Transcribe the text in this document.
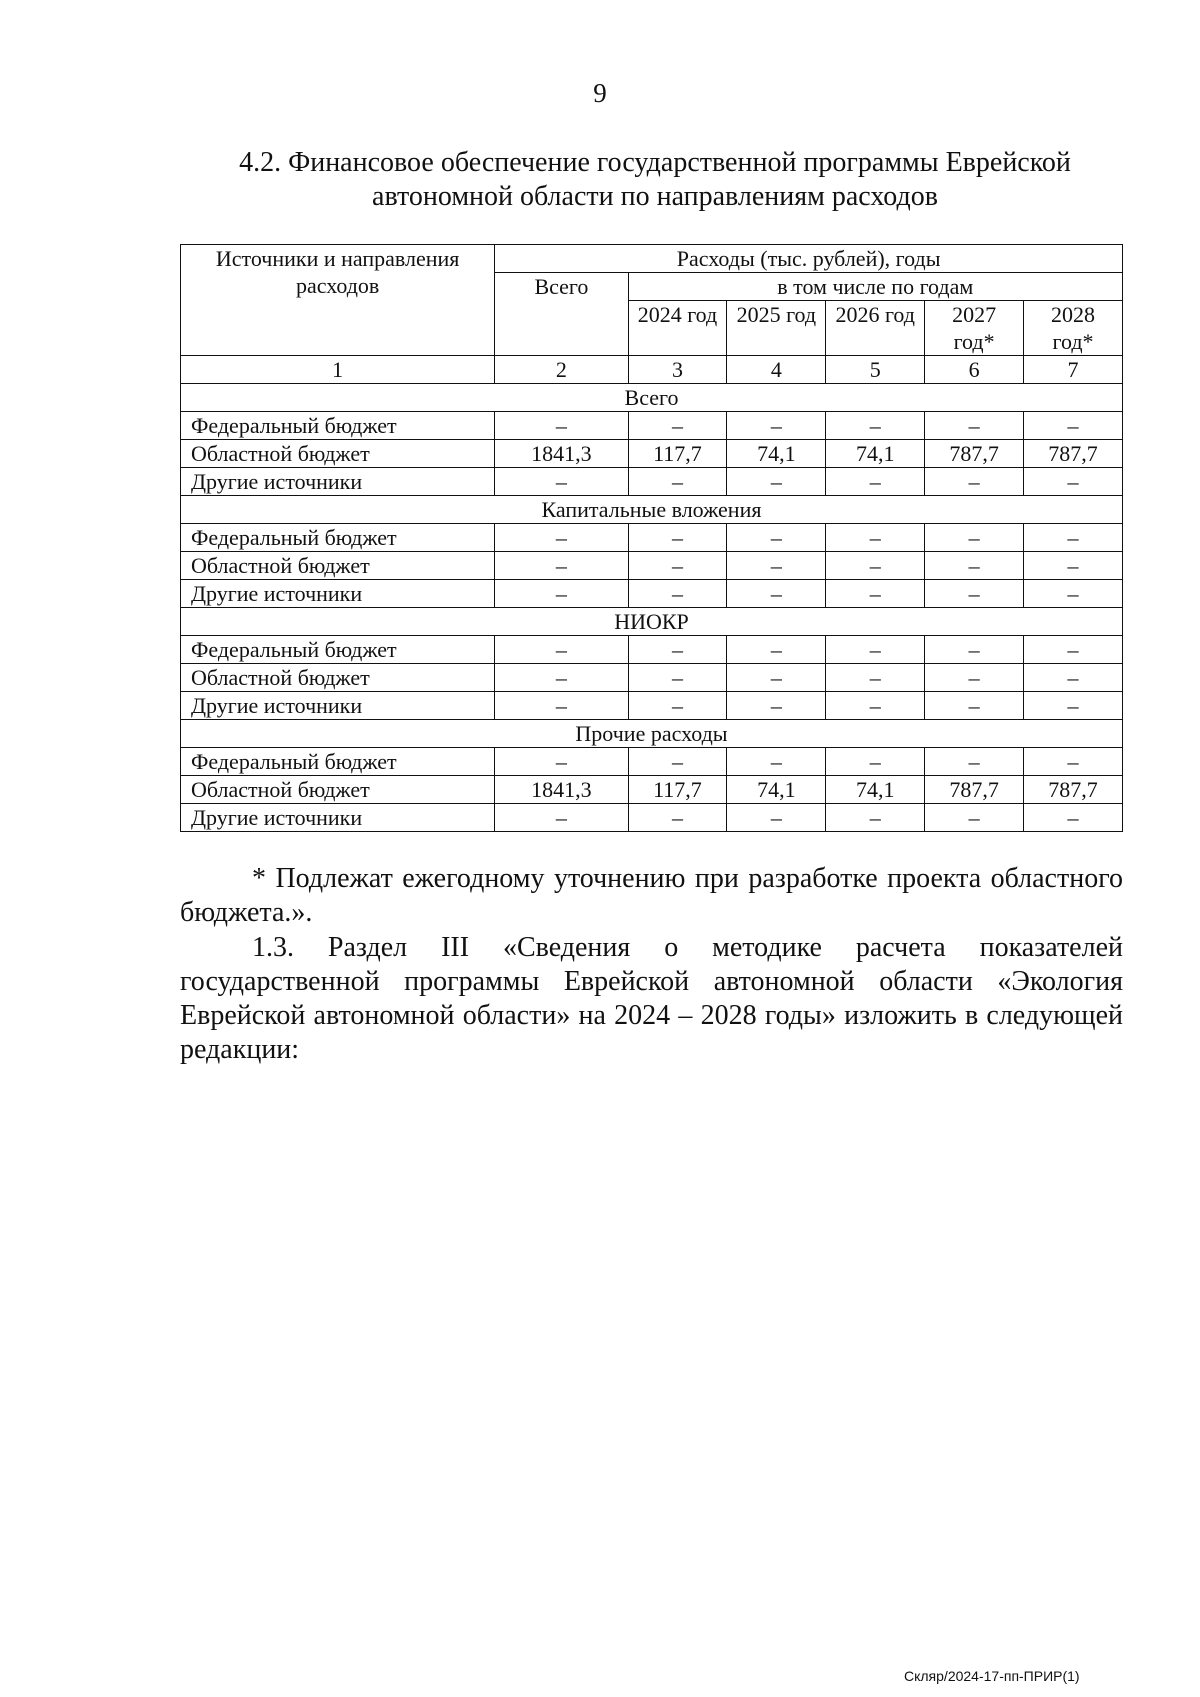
9
4.2. Финансовое обеспечение государственной программы Еврейской
автономной области по направлениям расходов
Источники и направления расходов	Расходы (тыс. рублей), годы					
	Всего	в том числе по годам				
		2024 год	2025 год	2026 год	2027 год*	2028 год*
1	2	3	4	5	6	7
Всего						
Федеральный бюджет	–	–	–	–	–	–
Областной бюджет	1841,3	117,7	74,1	74,1	787,7	787,7
Другие источники	–	–	–	–	–	–
Капитальные вложения						
Федеральный бюджет	–	–	–	–	–	–
Областной бюджет	–	–	–	–	–	–
Другие источники	–	–	–	–	–	–
НИОКР						
Федеральный бюджет	–	–	–	–	–	–
Областной бюджет	–	–	–	–	–	–
Другие источники	–	–	–	–	–	–
Прочие расходы						
Федеральный бюджет	–	–	–	–	–	–
Областной бюджет	1841,3	117,7	74,1	74,1	787,7	787,7
Другие источники	–	–	–	–	–	–
* Подлежат ежегодному уточнению при разработке проекта областного бюджета.».
1.3. Раздел III «Сведения о методике расчета показателей государственной программы Еврейской автономной области «Экология Еврейской автономной области» на 2024 – 2028 годы» изложить в следующей редакции:
Скляр/2024-17-пп-ПРИР(1)
